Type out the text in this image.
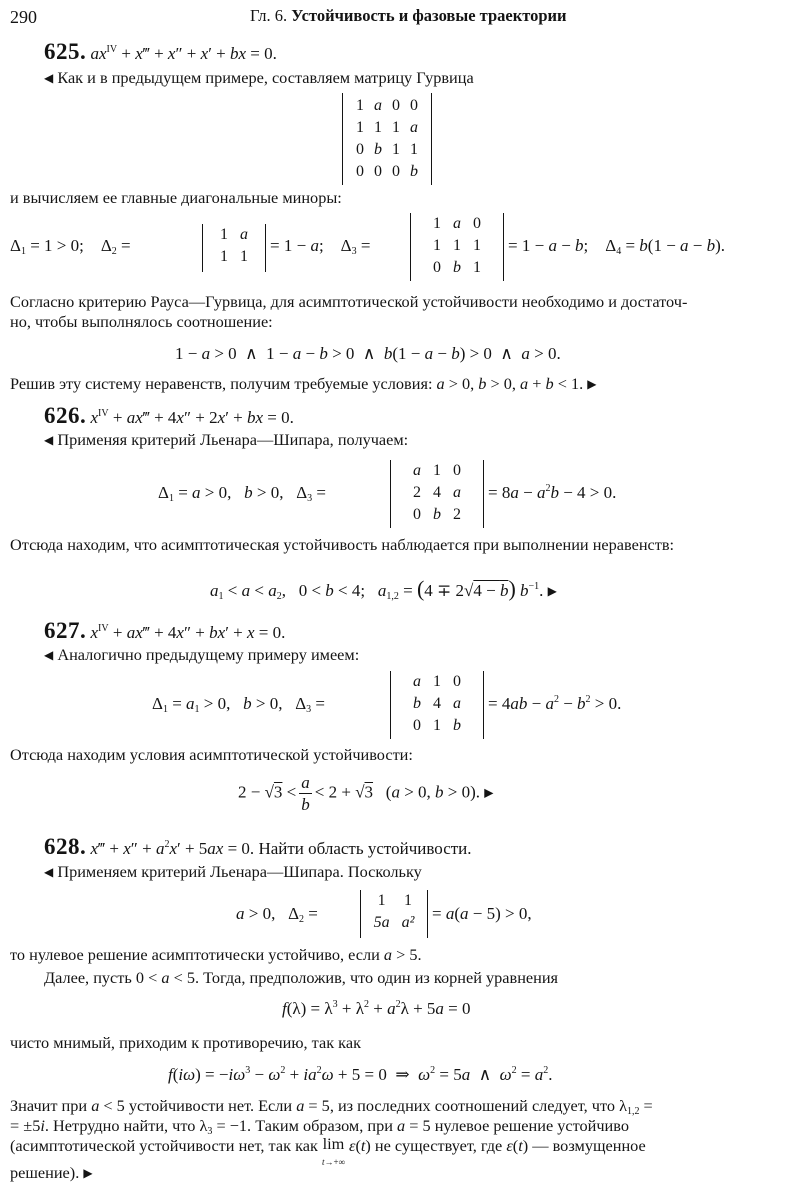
290	Гл. 6. Устойчивость и фазовые траектории
625. $ax^{IV}$ + x‴ + x″ + x′ + bx = 0.
◀ Как и в предыдущем примере, составляем матрицу Гурвица
1	a	0	0
1	1	1	a
0	b	1	1
0	0	0	b
и вычисляем ее главные диагональные миноры:
$\Delta_1 = 1 > 0$;    $\Delta_2$ =
1	a
1	1
= 1 − a;    $\Delta_3$ =
1	a	0
1	1	1
0	b	1
= 1 − a − b;    $\Delta_4 = b(1 - a - b)$.
Согласно критерию Рауса—Гурвица, для асимптотической устойчивости необходимо и достаточ-
но, чтобы выполнялось соотношение:
1 − a > 0  ∧  1 − a − b > 0  ∧  b(1 − a − b) > 0  ∧  a > 0.
Решив эту систему неравенств, получим требуемые условия: a > 0, b > 0, a + b < 1. ▶
626. $x^{IV}$ + ax‴ + 4x″ + 2x′ + bx = 0.
◀ Применяя критерий Льенара—Шипара, получаем:
$\Delta_1 = a > 0$,   b > 0,   $\Delta_3$ =
a	1	0
2	4	a
0	b	2
= $8a - a^2b - 4 > 0$.
Отсюда находим, что асимптотическая устойчивость наблюдается при выполнении неравенств:
$a_1 < a < a_2$,   0 < b < 4;   $a_{1,2} = (4 \mp 2√4 - b)$ $b^{-1}$. ▶
627. $x^{IV}$ + ax‴ + 4x″ + bx′ + x = 0.
◀ Аналогично предыдущему примеру имеем:
$\Delta_1 = a_1 > 0$,   b > 0,   $\Delta_3$ =
a	1	0
b	4	a
0	1	b
= $4ab - a^2 - b^2 > 0$.
Отсюда находим условия асимптотической устойчивости:
$2 - √3 < \frac{a}{b} < 2 + √3$   (a > 0, b > 0). ▶
628. x‴ + $x'' + a^2x' + 5ax = 0$. Найти область устойчивости.
◀ Применяем критерий Льенара—Шипара. Поскольку
a > 0,   $\Delta_2$ =
1	1
5a	a² = a(a − 5) > 0,
то нулевое решение асимптотически устойчиво, если a > 5.
Далее, пусть 0 < a < 5. Тогда, предположив, что один из корней уравнения
$f(\lambda) = \lambda^3 + \lambda^2 + a^2\lambda + 5a = 0$
чисто мнимый, приходим к противоречию, так как
$f(i\omega) = -i\omega^3 - \omega^2 + ia^2\omega + 5 = 0$  ⇒  $\omega^2 = 5a$  ∧  $\omega^2 = a^2$.
Значит при a < 5 устойчивости нет. Если a = 5, из последних соотношений следует, что $\lambda_{1,2}$ =
= ±5i. Нетрудно найти, что $\lambda_3 = -1$. Таким образом, при a = 5 нулевое решение устойчиво
(асимптотической устойчивости нет, так как lim
t→+∞ ε(t) не существует, где ε(t) — возмущенное
решение). ▶
